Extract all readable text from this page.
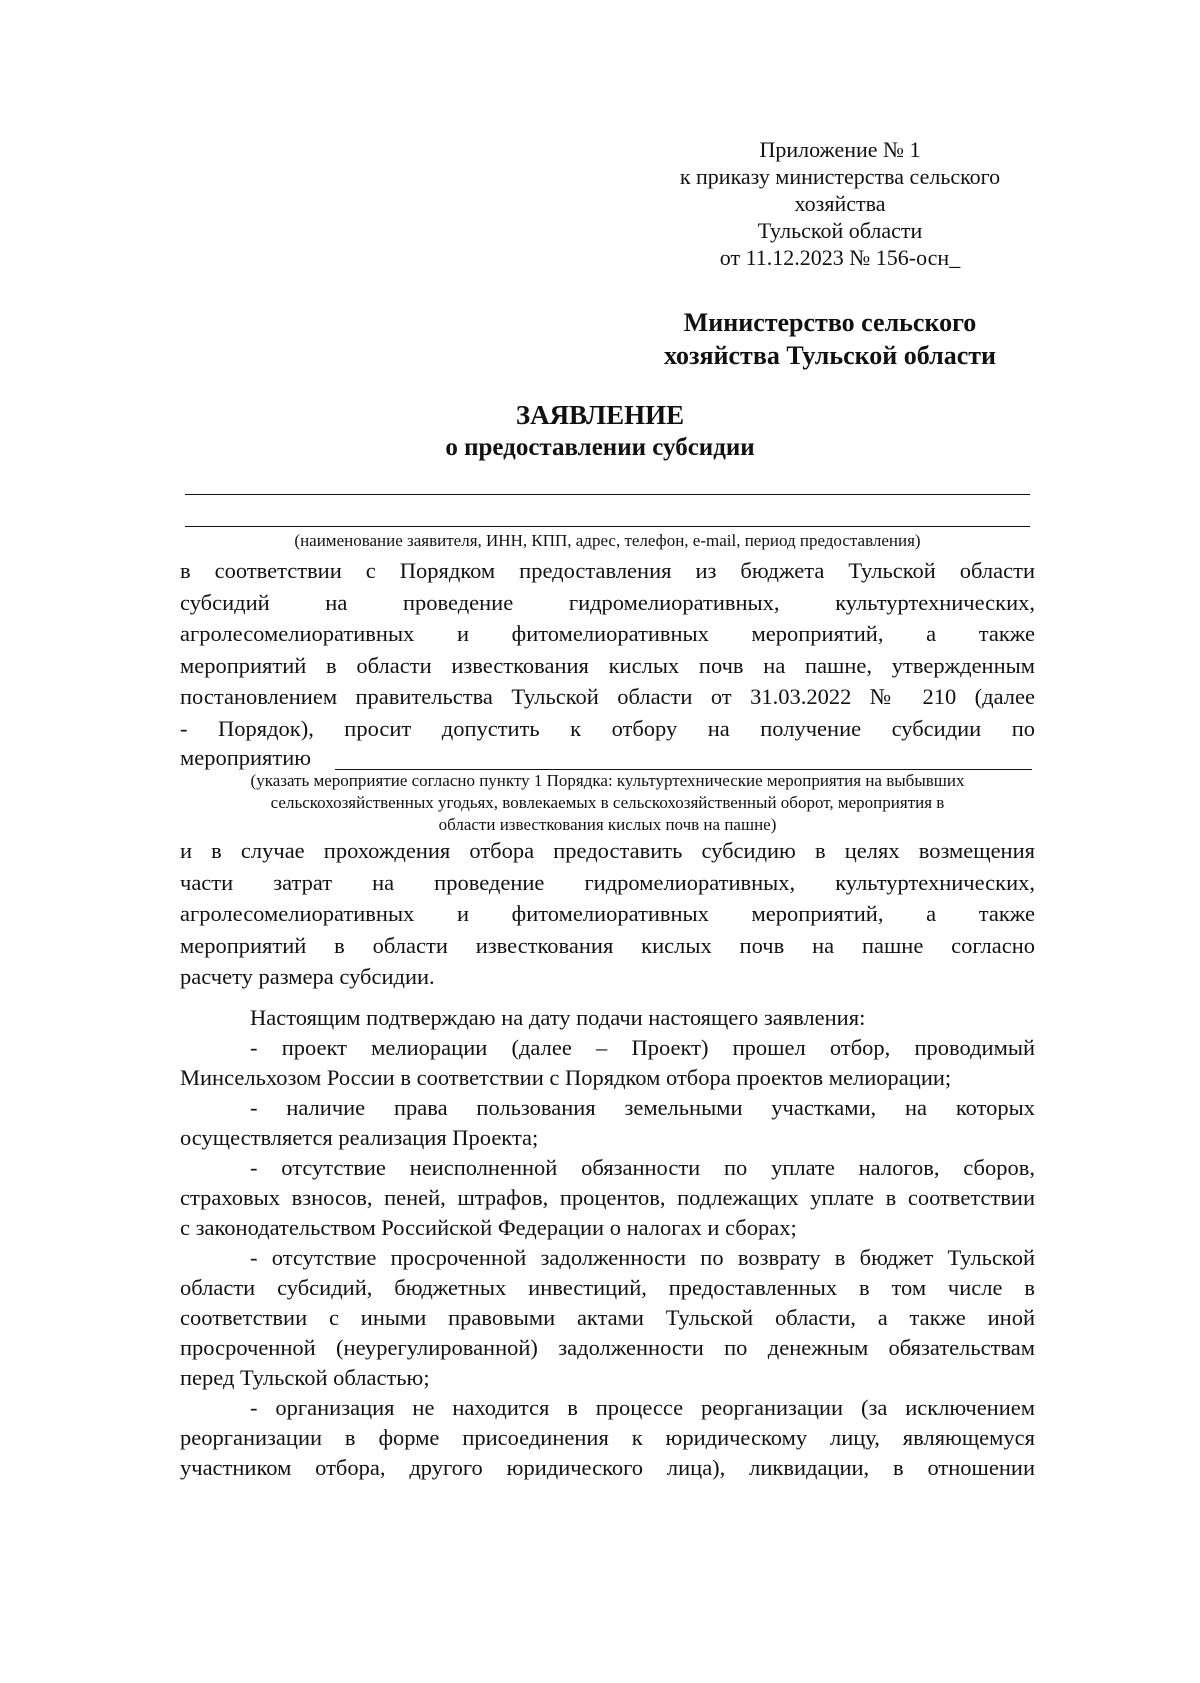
Приложение № 1
к приказу министерства сельского
хозяйства
Тульской области
от 11.12.2023 № 156-осн_
Министерство сельского
хозяйства Тульской области
ЗАЯВЛЕНИЕ
о предоставлении субсидии
(наименование заявителя, ИНН, КПП, адрес, телефон, e-mail, период предоставления)
в соответствии с Порядком предоставления из бюджета Тульской области
субсидий на проведение гидромелиоративных, культуртехнических,
агролесомелиоративных и фитомелиоративных мероприятий, а также
мероприятий в области известкования кислых почв на пашне, утвержденным
постановлением правительства Тульской области от 31.03.2022 № 210 (далее
- Порядок), просит допустить к отбору на получение субсидии по
мероприятию
(указать мероприятие согласно пункту 1 Порядка: культуртехнические мероприятия на выбывших
сельскохозяйственных угодьях, вовлекаемых в сельскохозяйственный оборот, мероприятия в
области известкования кислых почв на пашне)
и в случае прохождения отбора предоставить субсидию в целях возмещения
части затрат на проведение гидромелиоративных, культуртехнических,
агролесомелиоративных и фитомелиоративных мероприятий, а также
мероприятий в области известкования кислых почв на пашне согласно
расчету размера субсидии.
Настоящим подтверждаю на дату подачи настоящего заявления:
- проект мелиорации (далее – Проект) прошел отбор, проводимый
Минсельхозом России в соответствии с Порядком отбора проектов мелиорации;
- наличие права пользования земельными участками, на которых
осуществляется реализация Проекта;
- отсутствие неисполненной обязанности по уплате налогов, сборов,
страховых взносов, пеней, штрафов, процентов, подлежащих уплате в соответствии
с законодательством Российской Федерации о налогах и сборах;
- отсутствие просроченной задолженности по возврату в бюджет Тульской
области субсидий, бюджетных инвестиций, предоставленных в том числе в
соответствии с иными правовыми актами Тульской области, а также иной
просроченной (неурегулированной) задолженности по денежным обязательствам
перед Тульской областью;
- организация не находится в процессе реорганизации (за исключением
реорганизации в форме присоединения к юридическому лицу, являющемуся
участником отбора, другого юридического лица), ликвидации, в отношении
